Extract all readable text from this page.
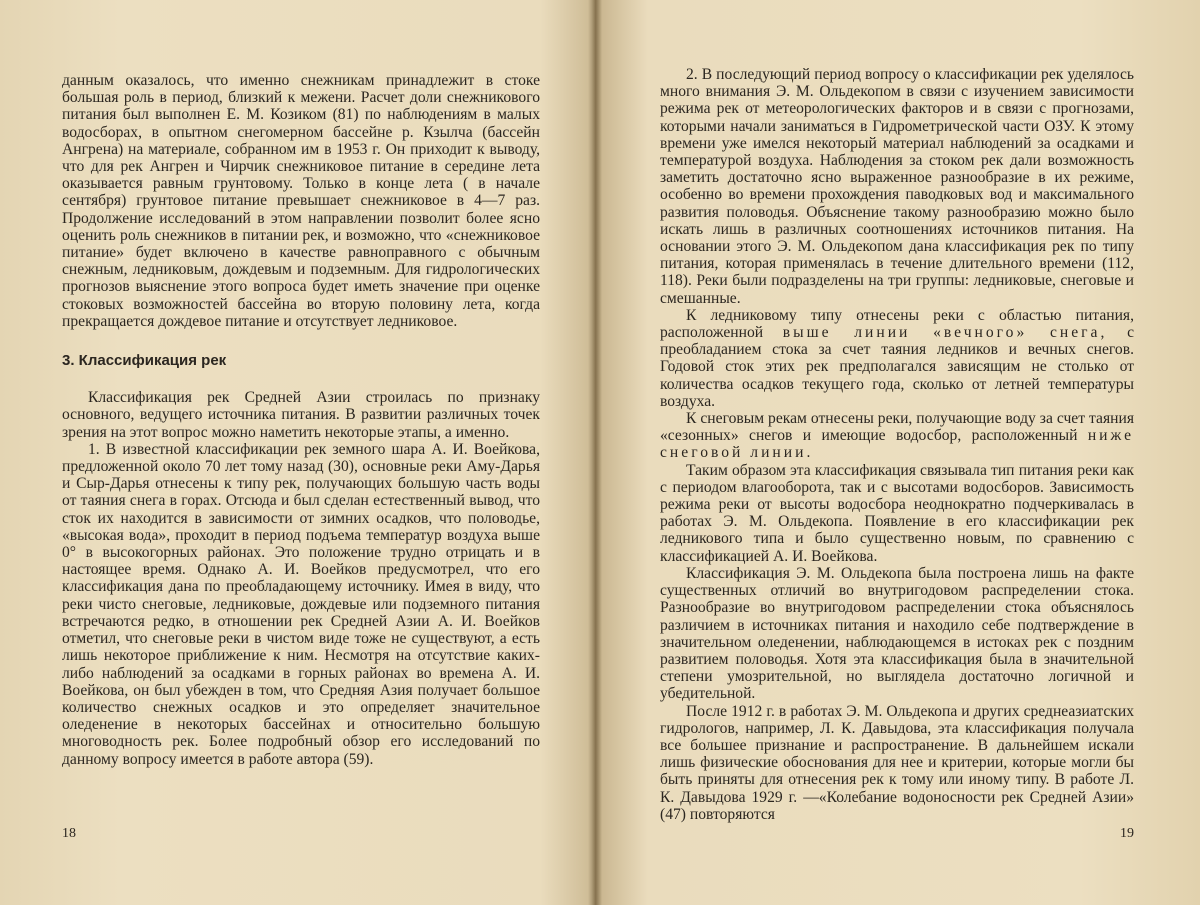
данным оказалось, что именно снежникам принадлежит в стоке большая роль в период, близкий к межени. Расчет доли снежникового питания был выполнен Е. М. Козиком (81) по наблюдениям в малых водосборах, в опытном снегомерном бассейне р. Кзылча (бассейн Ангрена) на материале, собранном им в 1953 г. Он приходит к выводу, что для рек Ангрен и Чирчик снежниковое питание в середине лета оказывается равным грунтовому. Только в конце лета ( в начале сентября) грунтовое питание превышает снежниковое в 4—7 раз. Продолжение исследований в этом направлении позволит более ясно оценить роль снежников в питании рек, и возможно, что «снежниковое питание» будет включено в качестве равноправного с обычным снежным, ледниковым, дождевым и подземным. Для гидрологических прогнозов выяснение этого вопроса будет иметь значение при оценке стоковых возможностей бассейна во вторую половину лета, когда прекращается дождевое питание и отсутствует ледниковое.

3. Классификация рек

Классификация рек Средней Азии строилась по признаку основного, ведущего источника питания. В развитии различных точек зрения на этот вопрос можно наметить некоторые этапы, а именно.

1. В известной классификации рек земного шара А. И. Воейкова, предложенной около 70 лет тому назад (30), основные реки Аму-Дарья и Сыр-Дарья отнесены к типу рек, получающих большую часть воды от таяния снега в горах. Отсюда и был сделан естественный вывод, что сток их находится в зависимости от зимних осадков, что половодье, «высокая вода», проходит в период подъема температур воздуха выше 0° в высокогорных районах. Это положение трудно отрицать и в настоящее время. Однако А. И. Воейков предусмотрел, что его классификация дана по преобладающему источнику. Имея в виду, что реки чисто снеговые, ледниковые, дождевые или подземного питания встречаются редко, в отношении рек Средней Азии А. И. Воейков отметил, что снеговые реки в чистом виде тоже не существуют, а есть лишь некоторое приближение к ним. Несмотря на отсутствие каких-либо наблюдений за осадками в горных районах во времена А. И. Воейкова, он был убежден в том, что Средняя Азия получает большое количество снежных осадков и это определяет значительное оледенение в некоторых бассейнах и относительно большую многоводность рек. Более подробный обзор его исследований по данному вопросу имеется в работе автора (59).

18

2. В последующий период вопросу о классификации рек уделялось много внимания Э. М. Ольдекопом в связи с изучением зависимости режима рек от метеорологических факторов и в связи с прогнозами, которыми начали заниматься в Гидрометрической части ОЗУ. К этому времени уже имелся некоторый материал наблюдений за осадками и температурой воздуха. Наблюдения за стоком рек дали возможность заметить достаточно ясно выраженное разнообразие в их режиме, особенно во времени прохождения паводковых вод и максимального развития половодья. Объяснение такому разнообразию можно было искать лишь в различных соотношениях источников питания. На основании этого Э. М. Ольдекопом дана классификация рек по типу питания, которая применялась в течение длительного времени (112, 118). Реки были подразделены на три группы: ледниковые, снеговые и смешанные.

К ледниковому типу отнесены реки с областью питания, расположенной выше линии «вечного» снега, с преобладанием стока за счет таяния ледников и вечных снегов. Годовой сток этих рек предполагался зависящим не столько от количества осадков текущего года, сколько от летней температуры воздуха.

К снеговым рекам отнесены реки, получающие воду за счет таяния «сезонных» снегов и имеющие водосбор, расположенный ниже снеговой линии.

Таким образом эта классификация связывала тип питания реки как с периодом влагооборота, так и с высотами водосборов. Зависимость режима реки от высоты водосбора неоднократно подчеркивалась в работах Э. М. Ольдекопа. Появление в его классификации рек ледникового типа и было существенно новым, по сравнению с классификацией А. И. Воейкова.

Классификация Э. М. Ольдекопа была построена лишь на факте существенных отличий во внутригодовом распределении стока. Разнообразие во внутригодовом распределении стока объяснялось различием в источниках питания и находило себе подтверждение в значительном оледенении, наблюдающемся в истоках рек с поздним развитием половодья. Хотя эта классификация была в значительной степени умозрительной, но выглядела достаточно логичной и убедительной.

После 1912 г. в работах Э. М. Ольдекопа и других среднеазиатских гидрологов, например, Л. К. Давыдова, эта классификация получала все большее признание и распространение. В дальнейшем искали лишь физические обоснования для нее и критерии, которые могли бы быть приняты для отнесения рек к тому или иному типу. В работе Л. К. Давыдова 1929 г. —«Колебание водоносности рек Средней Азии» (47) повторяются

19
